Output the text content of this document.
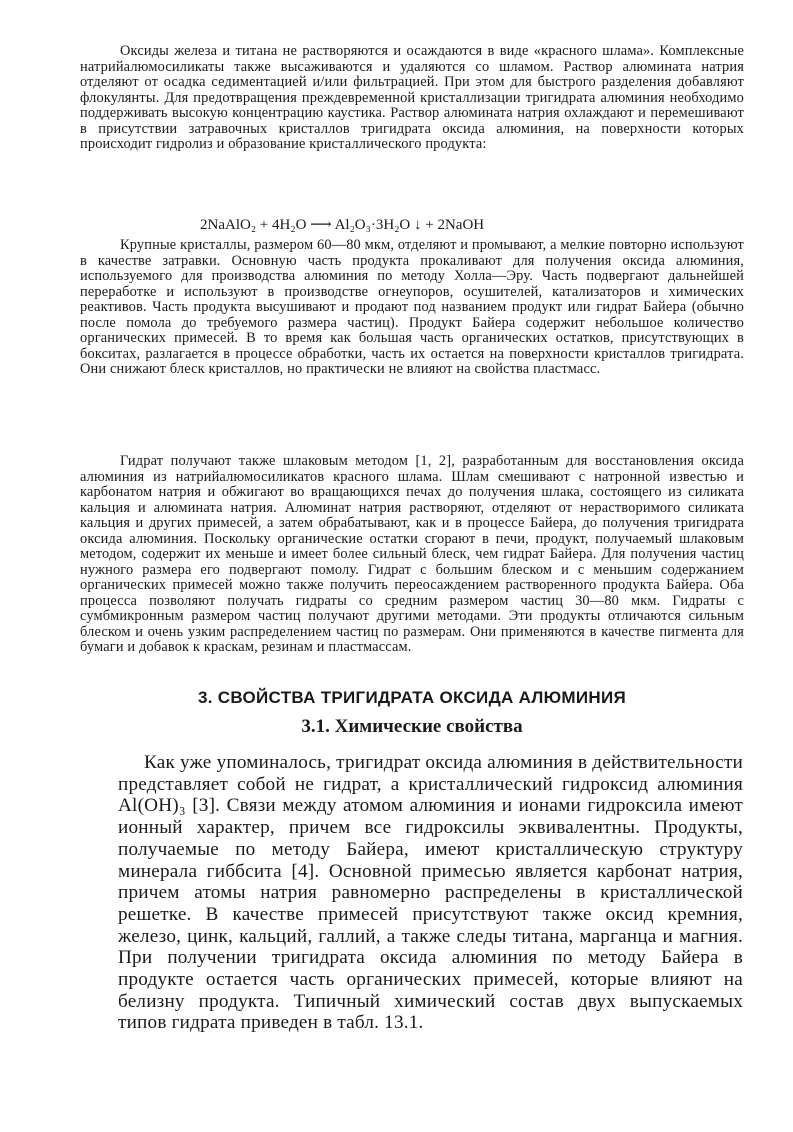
Оксиды железа и титана не растворяются и осаждаются в виде «красного шлама». Комплексные натрийалюмосиликаты также высаживаются и удаляются со шламом. Раствор алюмината натрия отделяют от осадка седиментацией и/или фильтрацией. При этом для быстрого разделения добавляют флокулянты. Для предотвращения преждевременной кристаллизации тригидрата алюминия необходимо поддерживать высокую концентрацию каустика. Раствор алюмината натрия охлаждают и перемешивают в присутствии затравочных кристаллов тригидрата оксида алюминия, на поверхности которых происходит гидролиз и образование кристаллического продукта:
2NaAlO₂ + 4H₂O ⟶ Al₂O₃·3H₂O ↓ + 2NaOH
Крупные кристаллы, размером 60—80 мкм, отделяют и промывают, а мелкие повторно используют в качестве затравки. Основную часть продукта прокаливают для получения оксида алюминия, используемого для производства алюминия по методу Холла—Эру. Часть подвергают дальнейшей переработке и используют в производстве огнеупоров, осушителей, катализаторов и химических реактивов. Часть продукта высушивают и продают под названием продукт или гидрат Байера (обычно после помола до требуемого размера частиц). Продукт Байера содержит небольшое количество органических примесей. В то время как большая часть органических остатков, присутствующих в бокситах, разлагается в процессе обработки, часть их остается на поверхности кристаллов тригидрата. Они снижают блеск кристаллов, но практически не влияют на свойства пластмасс.
Гидрат получают также шлаковым методом [1, 2], разработанным для восстановления оксида алюминия из натрийалюмосиликатов красного шлама. Шлам смешивают с натронной известью и карбонатом натрия и обжигают во вращающихся печах до получения шлака, состоящего из силиката кальция и алюмината натрия. Алюминат натрия растворяют, отделяют от нерастворимого силиката кальция и других примесей, а затем обрабатывают, как и в процессе Байера, до получения тригидрата оксида алюминия. Поскольку органические остатки сгорают в печи, продукт, получаемый шлаковым методом, содержит их меньше и имеет более сильный блеск, чем гидрат Байера. Для получения частиц нужного размера его подвергают помолу. Гидрат с большим блеском и с меньшим содержанием органических примесей можно также получить переосаждением растворенного продукта Байера. Оба процесса позволяют получать гидраты со средним размером частиц 30—80 мкм. Гидраты с сумбмикронным размером частиц получают другими методами. Эти продукты отличаются сильным блеском и очень узким распределением частиц по размерам. Они применяются в качестве пигмента для бумаги и добавок к краскам, резинам и пластмассам.
3. СВОЙСТВА ТРИГИДРАТА ОКСИДА АЛЮМИНИЯ
3.1. Химические свойства
Как уже упоминалось, тригидрат оксида алюминия в действительности представляет собой не гидрат, а кристаллический гидроксид алюминия Al(OH)₃ [3]. Связи между атомом алюминия и ионами гидроксила имеют ионный характер, причем все гидроксилы эквивалентны. Продукты, получаемые по методу Байера, имеют кристаллическую структуру минерала гиббсита [4]. Основной примесью является карбонат натрия, причем атомы натрия равномерно распределены в кристаллической решетке. В качестве примесей присутствуют также оксид кремния, железо, цинк, кальций, галлий, а также следы титана, марганца и магния. При получении тригидрата оксида алюминия по методу Байера в продукте остается часть органических примесей, которые влияют на белизну продукта. Типичный химический состав двух выпускаемых типов гидрата приведен в табл. 13.1.
